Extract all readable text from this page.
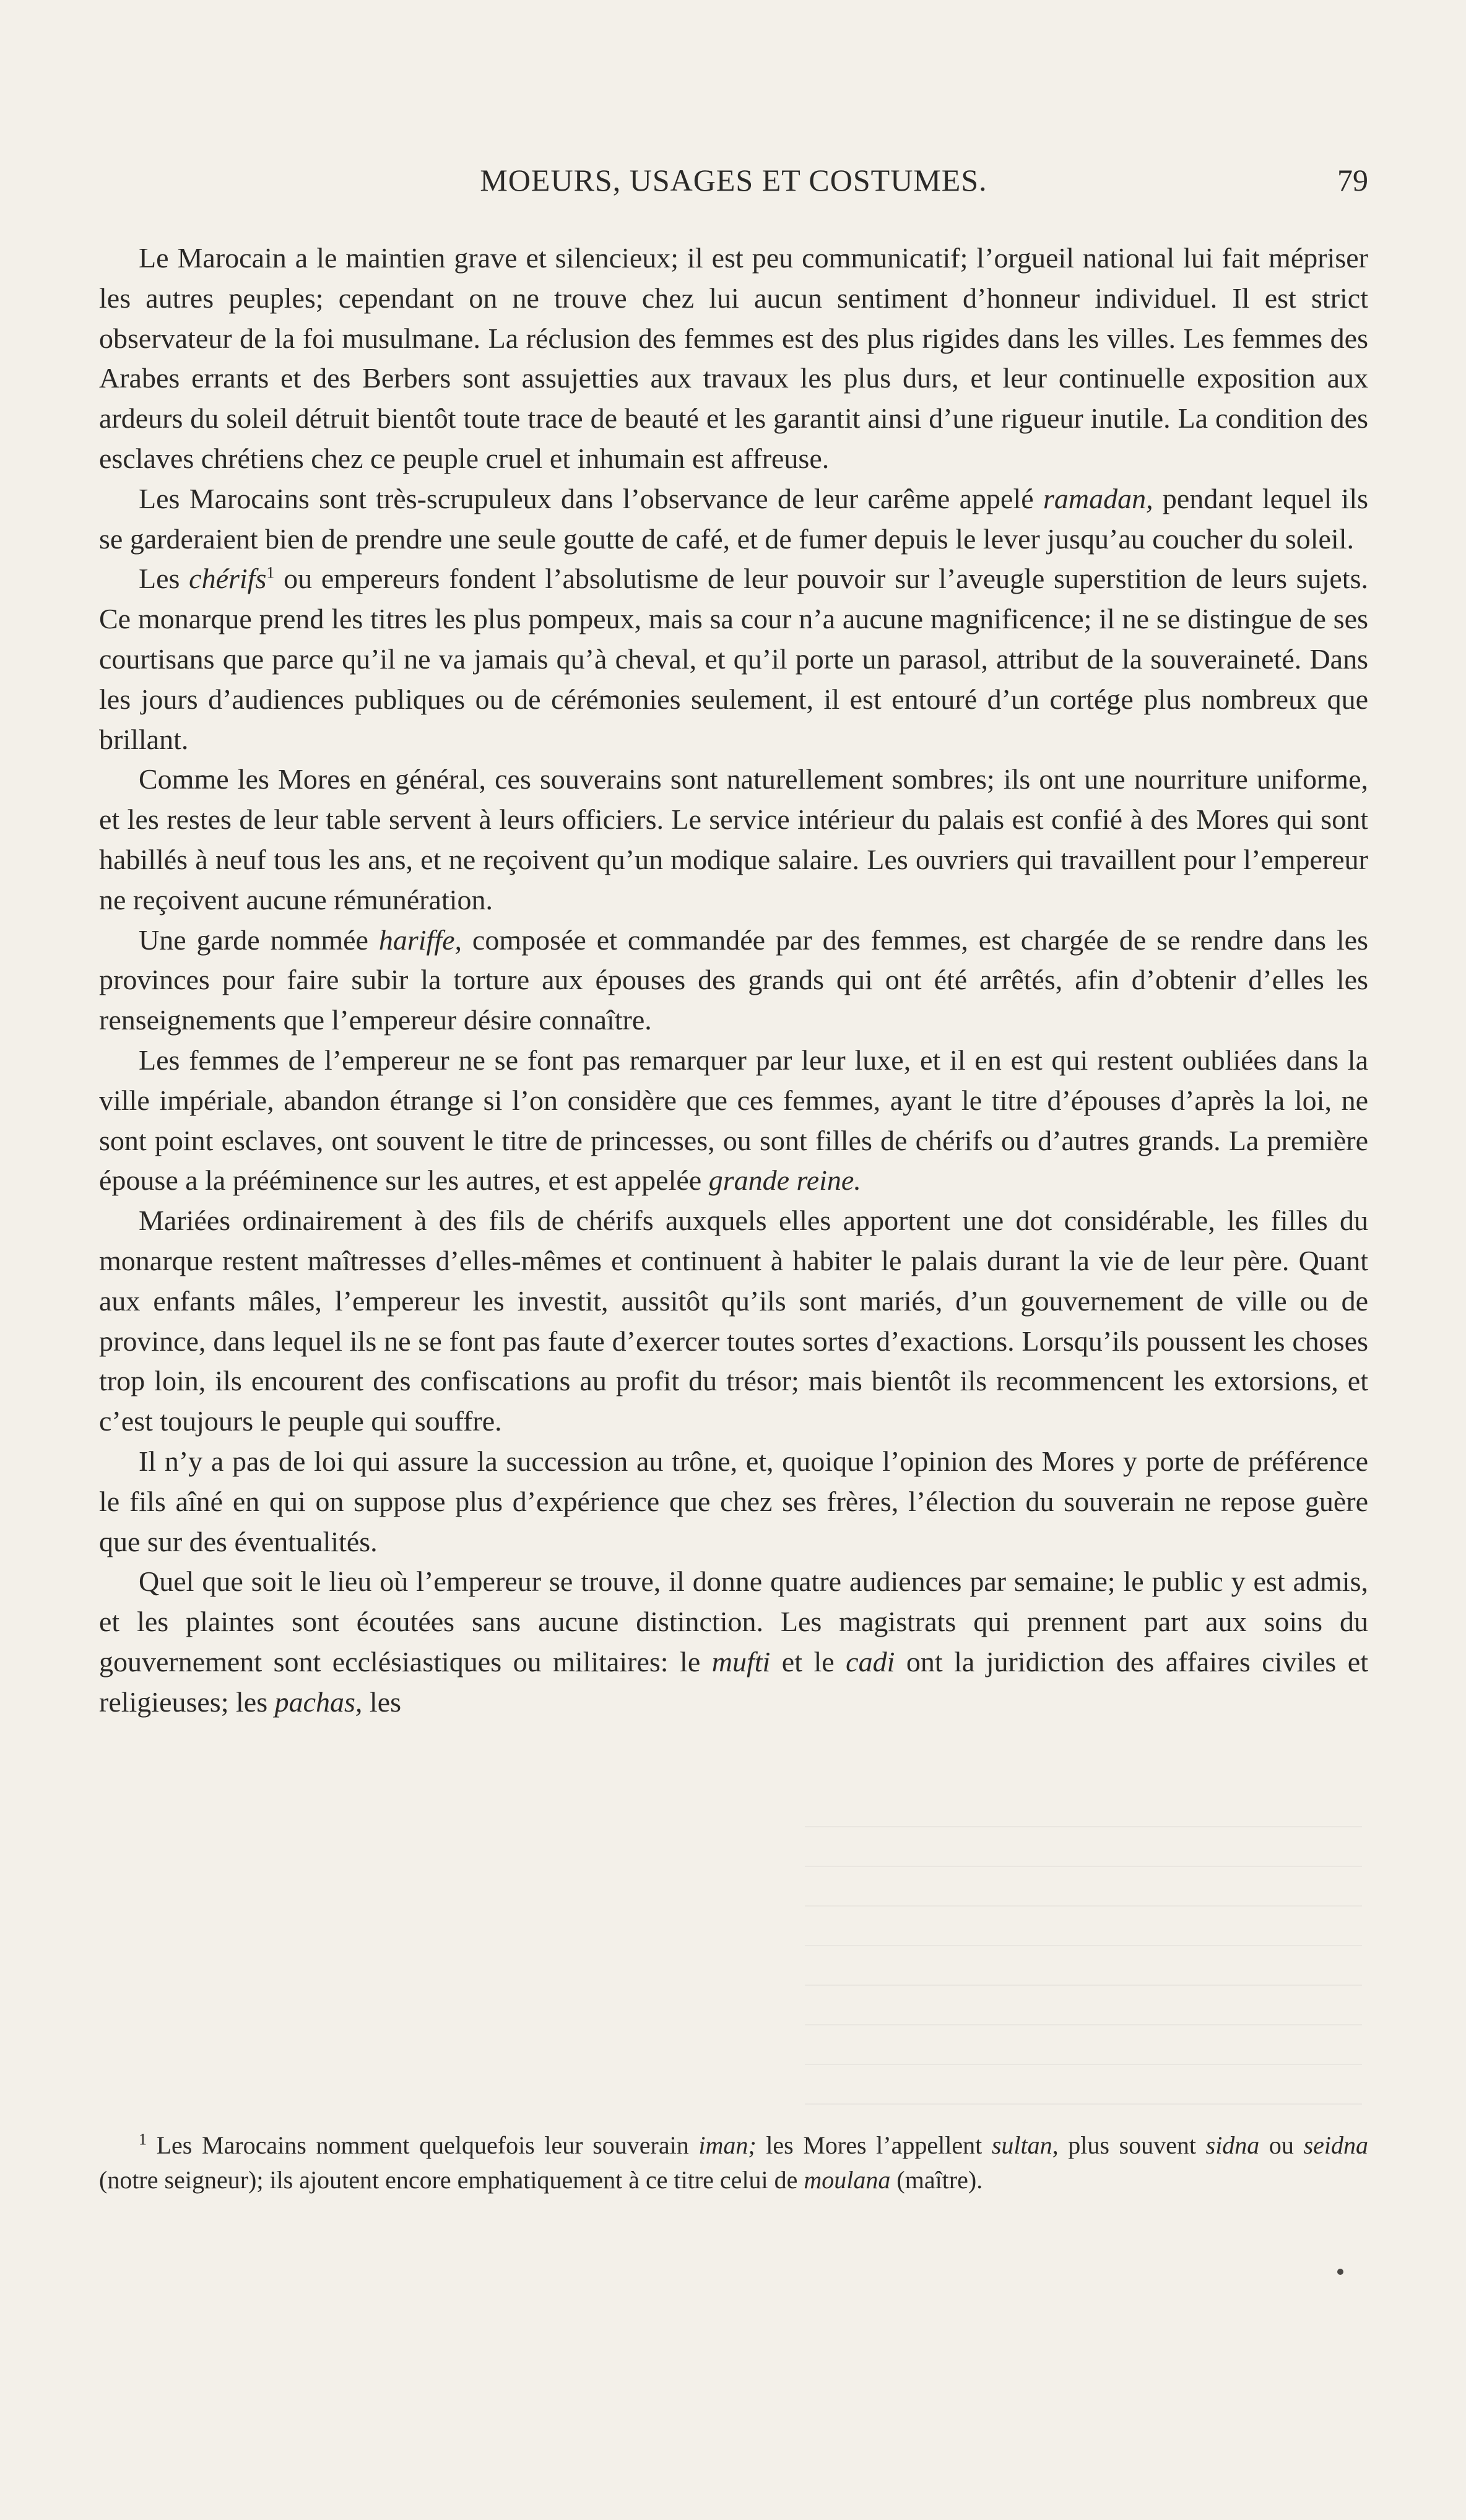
MOEURS, USAGES ET COSTUMES.	79

Le Marocain a le maintien grave et silencieux; il est peu communicatif; l’orgueil national lui fait mépriser les autres peuples; cependant on ne trouve chez lui aucun sentiment d’honneur individuel. Il est strict observateur de la foi musulmane. La réclusion des femmes est des plus rigides dans les villes. Les femmes des Arabes errants et des Berbers sont assujetties aux travaux les plus durs, et leur continuelle exposition aux ardeurs du soleil détruit bientôt toute trace de beauté et les garantit ainsi d’une rigueur inutile. La condition des esclaves chrétiens chez ce peuple cruel et inhumain est affreuse.

Les Marocains sont très-scrupuleux dans l’observance de leur carême appelé ramadan, pendant lequel ils se garderaient bien de prendre une seule goutte de café, et de fumer depuis le lever jusqu’au coucher du soleil.

Les chérifs$^1$ ou empereurs fondent l’absolutisme de leur pouvoir sur l’aveugle superstition de leurs sujets. Ce monarque prend les titres les plus pompeux, mais sa cour n’a aucune magnificence; il ne se distingue de ses courtisans que parce qu’il ne va jamais qu’à cheval, et qu’il porte un parasol, attribut de la souveraineté. Dans les jours d’audiences publiques ou de cérémonies seulement, il est entouré d’un cortége plus nombreux que brillant.

Comme les Mores en général, ces souverains sont naturellement sombres; ils ont une nourriture uniforme, et les restes de leur table servent à leurs officiers. Le service intérieur du palais est confié à des Mores qui sont habillés à neuf tous les ans, et ne reçoivent qu’un modique salaire. Les ouvriers qui travaillent pour l’empereur ne reçoivent aucune rémunération.

Une garde nommée hariffe, composée et commandée par des femmes, est chargée de se rendre dans les provinces pour faire subir la torture aux épouses des grands qui ont été arrêtés, afin d’obtenir d’elles les renseignements que l’empereur désire connaître.

Les femmes de l’empereur ne se font pas remarquer par leur luxe, et il en est qui restent oubliées dans la ville impériale, abandon étrange si l’on considère que ces femmes, ayant le titre d’épouses d’après la loi, ne sont point esclaves, ont souvent le titre de princesses, ou sont filles de chérifs ou d’autres grands. La première épouse a la prééminence sur les autres, et est appelée grande reine.

Mariées ordinairement à des fils de chérifs auxquels elles apportent une dot considérable, les filles du monarque restent maîtresses d’elles-mêmes et continuent à habiter le palais durant la vie de leur père. Quant aux enfants mâles, l’empereur les investit, aussitôt qu’ils sont mariés, d’un gouvernement de ville ou de province, dans lequel ils ne se font pas faute d’exercer toutes sortes d’exactions. Lorsqu’ils poussent les choses trop loin, ils encourent des confiscations au profit du trésor; mais bientôt ils recommencent les extorsions, et c’est toujours le peuple qui souffre.

Il n’y a pas de loi qui assure la succession au trône, et, quoique l’opinion des Mores y porte de préférence le fils aîné en qui on suppose plus d’expérience que chez ses frères, l’élection du souverain ne repose guère que sur des éventualités.

Quel que soit le lieu où l’empereur se trouve, il donne quatre audiences par semaine; le public y est admis, et les plaintes sont écoutées sans aucune distinction. Les magistrats qui prennent part aux soins du gouvernement sont ecclésiastiques ou militaires: le mufti et le cadi ont la juridiction des affaires civiles et religieuses; les pachas, les

$^1$ Les Marocains nomment quelquefois leur souverain iman; les Mores l’appellent sultan, plus souvent sidna ou seidna (notre seigneur); ils ajoutent encore emphatiquement à ce titre celui de moulana (maître).
